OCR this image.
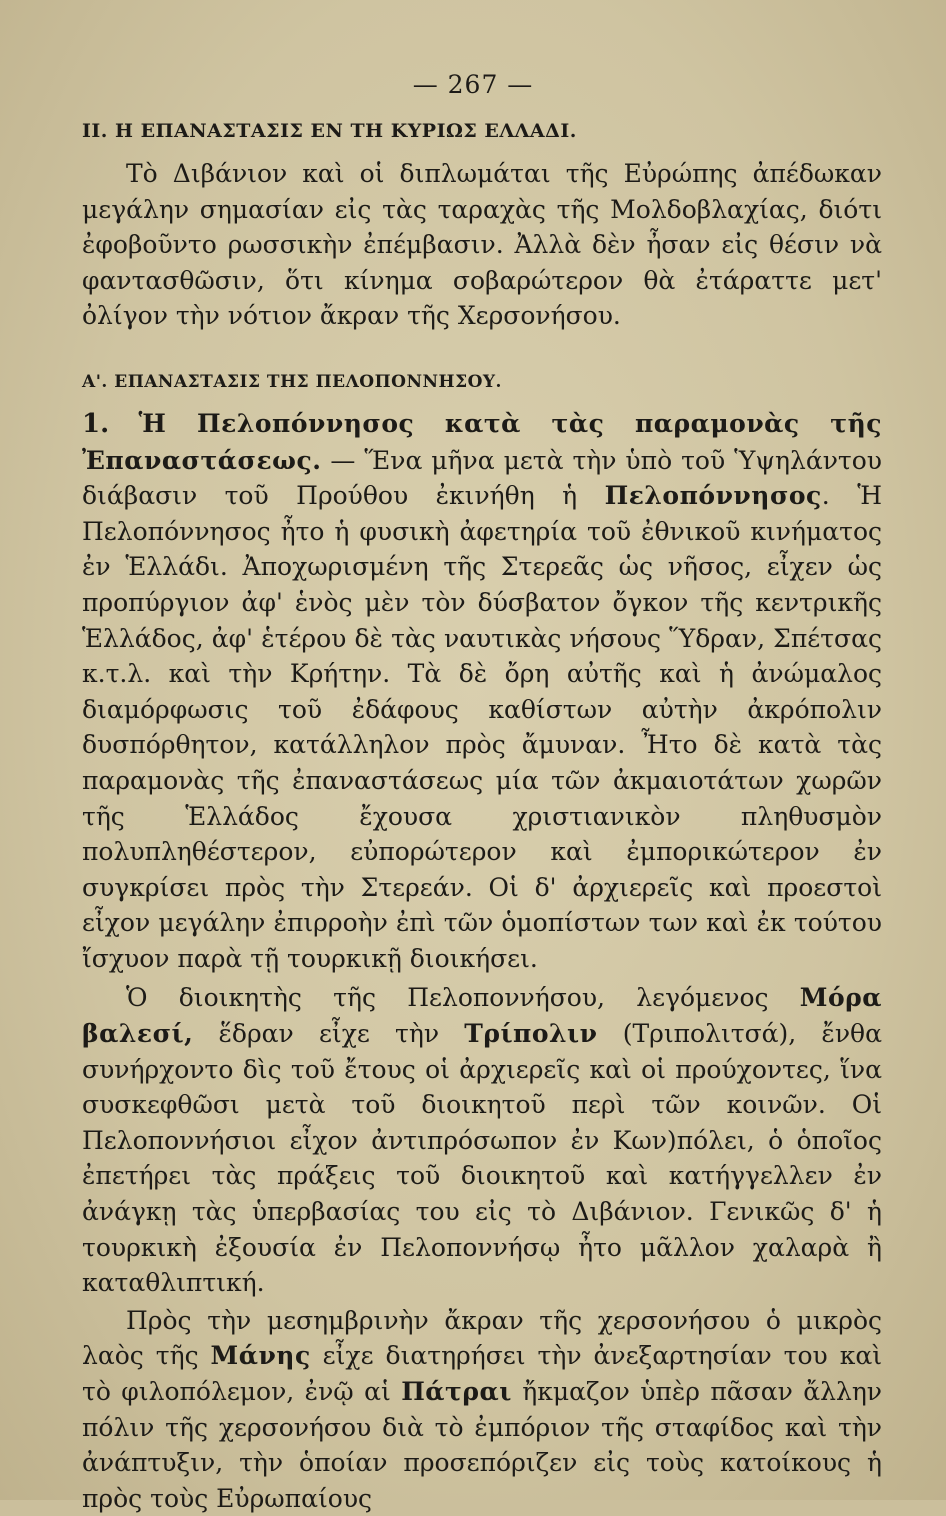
— 267 —
II. Η ΕΠΑΝΑΣΤΑΣΙΣ ΕΝ ΤΗ ΚΥΡΙΩΣ ΕΛΛΑΔΙ.

Τὸ Διβάνιον καὶ οἱ διπλωμάται τῆς Εὐρώπης ἀπέδωκαν μεγάλην σημασίαν εἰς τὰς ταραχὰς τῆς Μολδοβλαχίας, διότι ἐφοβοῦντο ρωσσικὴν ἐπέμβασιν. Ἀλλὰ δὲν ἦσαν εἰς θέσιν νὰ φαντασθῶσιν, ὅτι κίνημα σοβαρώτερον θὰ ἐτάραττε μετ' ὀλίγον τὴν νότιον ἄκραν τῆς Χερσονήσου.

Α'. ΕΠΑΝΑΣΤΑΣΙΣ ΤΗΣ ΠΕΛΟΠΟΝΝΗΣΟΥ.

1. Ἡ Πελοπόννησος κατὰ τὰς παραμονὰς τῆς Ἐπαναστάσεως. — Ἕνα μῆνα μετὰ τὴν ὑπὸ τοῦ Ὑψηλάντου διάβασιν τοῦ Προύθου ἐκινήθη ἡ Πελοπόννησος. Ἡ Πελοπόννησος ἦτο ἡ φυσικὴ ἀφετηρία τοῦ ἐθνικοῦ κινήματος ἐν Ἑλλάδι. Ἀποχωρισμένη τῆς Στερεᾶς ὡς νῆσος, εἶχεν ὡς προπύργιον ἀφ' ἑνὸς μὲν τὸν δύσβατον ὄγκον τῆς κεντρικῆς Ἑλλάδος, ἀφ' ἑτέρου δὲ τὰς ναυτικὰς νήσους Ὕδραν, Σπέτσας κ.τ.λ. καὶ τὴν Κρήτην. Τὰ δὲ ὄρη αὐτῆς καὶ ἡ ἀνώμαλος διαμόρφωσις τοῦ ἐδάφους καθίστων αὐτὴν ἀκρόπολιν δυσπόρθητον, κατάλληλον πρὸς ἄμυναν. Ἦτο δὲ κατὰ τὰς παραμονὰς τῆς ἐπαναστάσεως μία τῶν ἀκμαιοτάτων χωρῶν τῆς Ἑλλάδος ἔχουσα χριστιανικὸν πληθυσμὸν πολυπληθέστερον, εὐπορώτερον καὶ ἐμπορικώτερον ἐν συγκρίσει πρὸς τὴν Στερεάν. Οἱ δ' ἀρχιερεῖς καὶ προεστοὶ εἶχον μεγάλην ἐπιρροὴν ἐπὶ τῶν ὁμοπίστων των καὶ ἐκ τούτου ἴσχυον παρὰ τῇ τουρκικῇ διοικήσει.

Ὁ διοικητὴς τῆς Πελοποννήσου, λεγόμενος Μόρα βαλεσί, ἕδραν εἶχε τὴν Τρίπολιν (Τριπολιτσά), ἔνθα συνήρχοντο δὶς τοῦ ἔτους οἱ ἀρχιερεῖς καὶ οἱ προύχοντες, ἵνα συσκεφθῶσι μετὰ τοῦ διοικητοῦ περὶ τῶν κοινῶν. Οἱ Πελοποννήσιοι εἶχον ἀντιπρόσωπον ἐν Κων)πόλει, ὁ ὁποῖος ἐπετήρει τὰς πράξεις τοῦ διοικητοῦ καὶ κατήγγελλεν ἐν ἀνάγκῃ τὰς ὑπερβασίας του εἰς τὸ Διβάνιον. Γενικῶς δ' ἡ τουρκικὴ ἐξουσία ἐν Πελοποννήσῳ ἦτο μᾶλλον χαλαρὰ ἢ καταθλιπτική.

Πρὸς τὴν μεσημβρινὴν ἄκραν τῆς χερσονήσου ὁ μικρὸς λαὸς τῆς Μάνης εἶχε διατηρήσει τὴν ἀνεξαρτησίαν του καὶ τὸ φιλοπόλεμον, ἐνῷ αἱ Πάτραι ἤκμαζον ὑπὲρ πᾶσαν ἄλλην πόλιν τῆς χερσονήσου διὰ τὸ ἐμπόριον τῆς σταφίδος καὶ τὴν ἀνάπτυξιν, τὴν ὁποίαν προσεπόριζεν εἰς τοὺς κατοίκους ἡ πρὸς τοὺς Εὐρωπαίους
